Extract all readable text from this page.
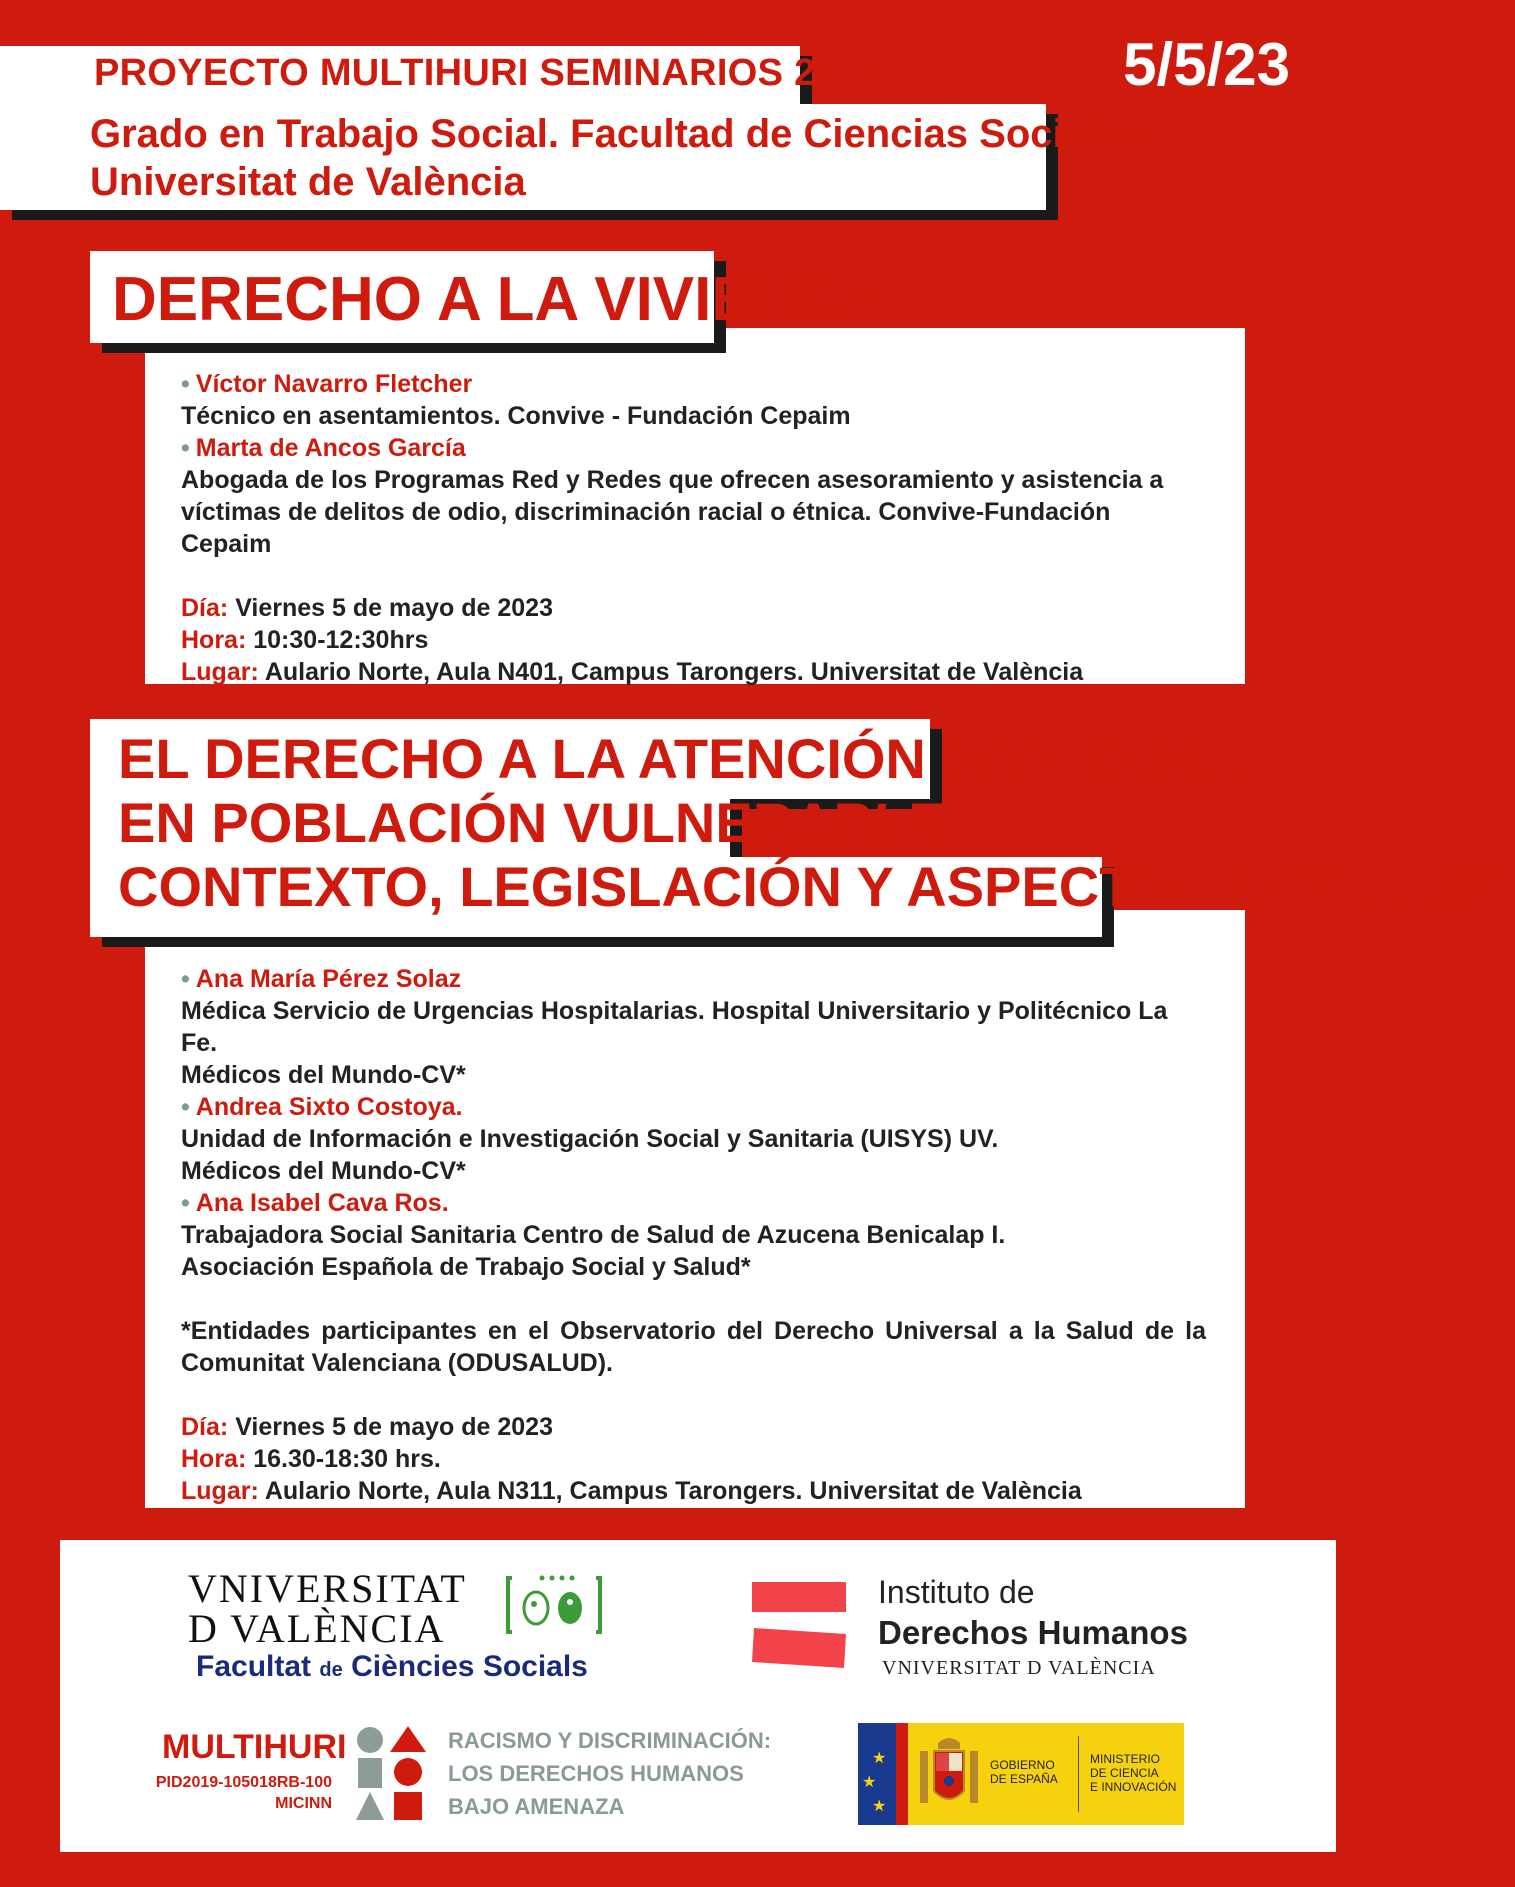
PROYECTO MULTIHURI SEMINARIOS 2023
Grado en Trabajo Social. Facultad de Ciencias Sociales.
Universitat de València
5/5/23
DERECHO A LA VIVIENDA

• Víctor Navarro Fletcher

Técnico en asentamientos. Convive - Fundación Cepaim

• Marta de Ancos García

Abogada de los Programas Red y Redes que ofrecen asesoramiento y asistencia a víctimas de delitos de odio, discriminación racial o étnica. Convive-Fundación Cepaim

Día: Viernes 5 de mayo de 2023

Hora: 10:30-12:30hrs

Lugar: Aulario Norte, Aula N401, Campus Tarongers. Universitat de València

EL DERECHO A LA ATENCIÓN SANITARIA
EN POBLACIÓN VULNERABLE:
CONTEXTO, LEGISLACIÓN Y ASPECTOS SOCIALES

• Ana María Pérez Solaz

Médica Servicio de Urgencias Hospitalarias. Hospital Universitario y Politécnico La Fe.

Médicos del Mundo-CV*

• Andrea Sixto Costoya.

Unidad de Información e Investigación Social y Sanitaria (UISYS) UV.

Médicos del Mundo-CV*

• Ana Isabel Cava Ros.

Trabajadora Social Sanitaria Centro de Salud de Azucena Benicalap I.

Asociación Española de Trabajo Social y Salud*

*Entidades participantes en el Observatorio del Derecho Universal a la Salud de la Comunitat Valenciana (ODUSALUD).

Día: Viernes 5 de mayo de 2023

Hora: 16.30-18:30 hrs.

Lugar: Aulario Norte, Aula N311, Campus Tarongers. Universitat de València

VNIVERSITAT
D VALÈNCIA
Facultat de Ciències Socials
Instituto de
Derechos Humanos
VNIVERSITAT D VALÈNCIA
MULTIHURI
PID2019-105018RB-100
MICINN
RACISMO Y DISCRIMINACIÓN:
LOS DERECHOS HUMANOS
BAJO AMENAZA
★
★
★
GOBIERNO
DE ESPAÑA
MINISTERIO
DE CIENCIA
E INNOVACIÓN
